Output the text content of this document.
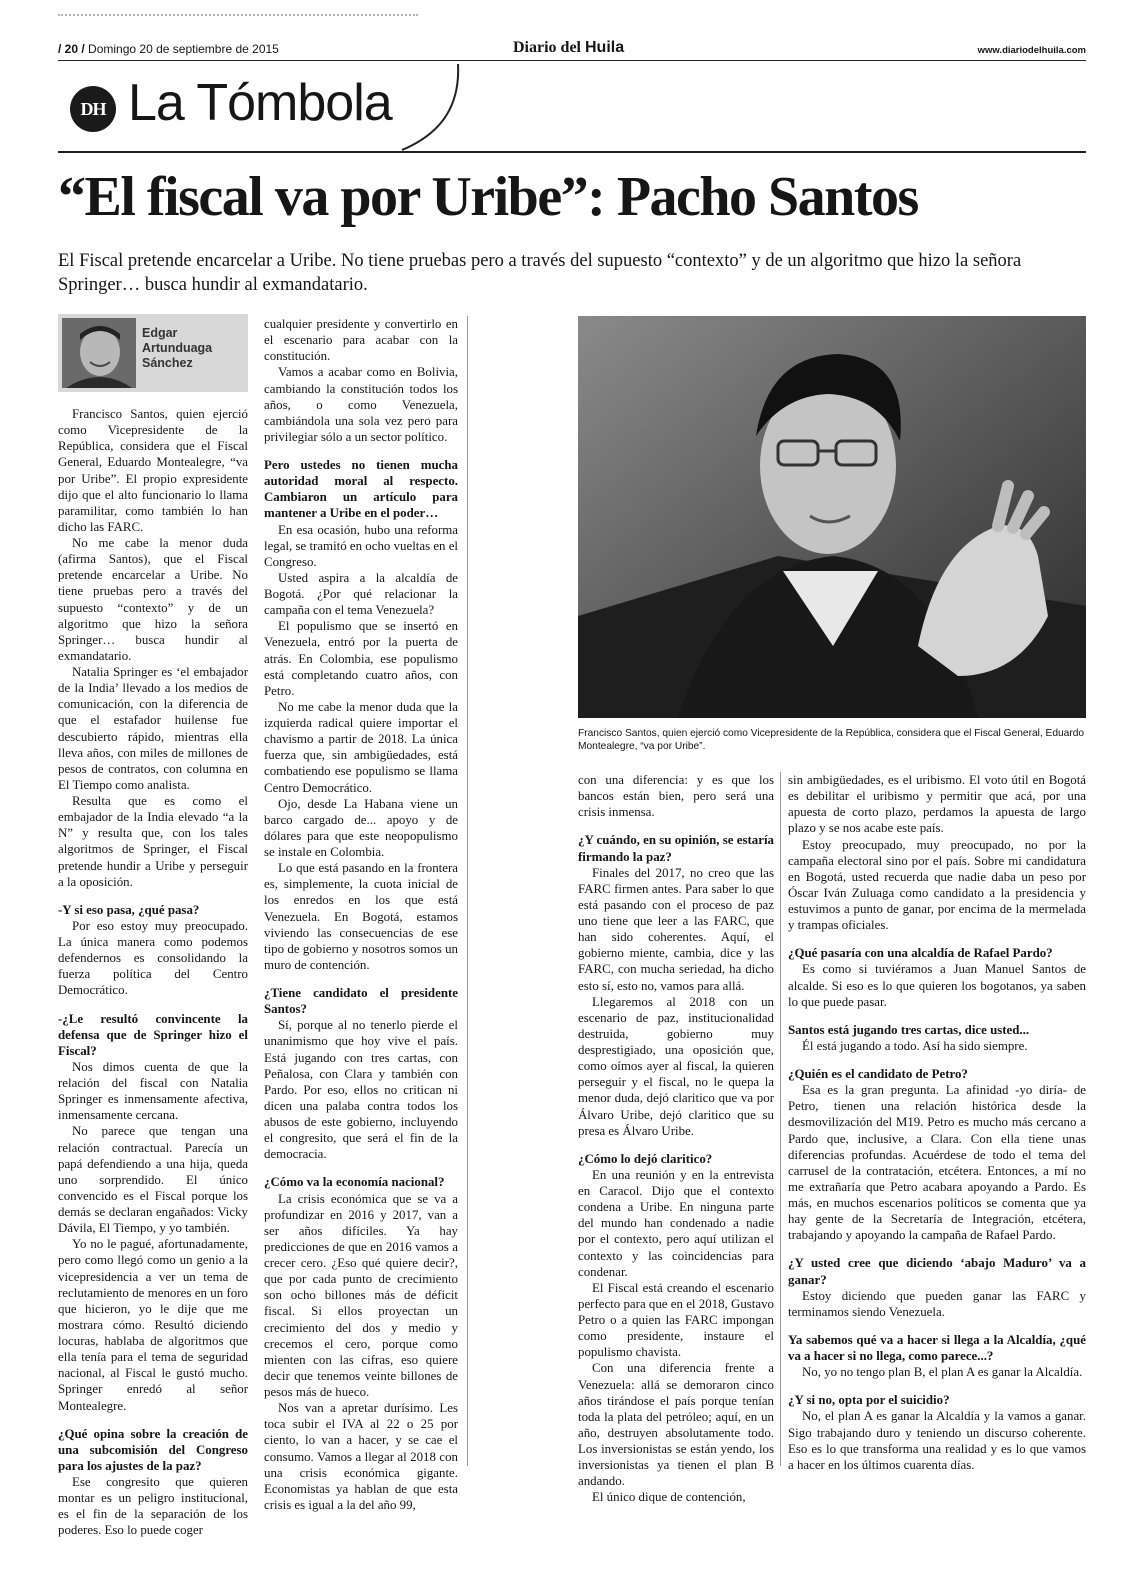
/ 20 / Domingo 20 de septiembre de 2015	Diario del Huila	www.diariodelhuila.com
DH La Tómbola
“El fiscal va por Uribe”: Pacho Santos

El Fiscal pretende encarcelar a Uribe. No tiene pruebas pero a través del supuesto “contexto” y de un algoritmo que hizo la señora Springer… busca hundir al exmandatario.

Edgar
Artunduaga
Sánchez

Francisco Santos, quien ejerció como Vicepresidente de la República, considera que el Fiscal General, Eduardo Montealegre, “va por Uribe”. El propio expresidente dijo que el alto funcionario lo llama paramilitar, como también lo han dicho las FARC.

No me cabe la menor duda (afirma Santos), que el Fiscal pretende encarcelar a Uribe. No tiene pruebas pero a través del supuesto “contexto” y de un algoritmo que hizo la señora Springer… busca hundir al exmandatario.

Natalia Springer es ‘el embajador de la India’ llevado a los medios de comunicación, con la diferencia de que el estafador huilense fue descubierto rápido, mientras ella lleva años, con miles de millones de pesos de contratos, con columna en El Tiempo como analista.

Resulta que es como el embajador de la India elevado “a la N” y resulta que, con los tales algoritmos de Springer, el Fiscal pretende hundir a Uribe y perseguir a la oposición.

-Y si eso pasa, ¿qué pasa?

Por eso estoy muy preocupado. La única manera como podemos defendernos es consolidando la fuerza política del Centro Democrático.

-¿Le resultó convincente la defensa que de Springer hizo el Fiscal?

Nos dimos cuenta de que la relación del fiscal con Natalia Springer es inmensamente afectiva, inmensamente cercana.

No parece que tengan una relación contractual. Parecía un papá defendiendo a una hija, queda uno sorprendido. El único convencido es el Fiscal porque los demás se declaran engañados: Vicky Dávila, El Tiempo, y yo también.

Yo no le pagué, afortunadamente, pero como llegó como un genio a la vicepresidencia a ver un tema de reclutamiento de menores en un foro que hicieron, yo le dije que me mostrara cómo. Resultó diciendo locuras, hablaba de algoritmos que ella tenía para el tema de seguridad nacional, al Fiscal le gustó mucho. Springer enredó al señor Montealegre.

¿Qué opina sobre la creación de una subcomisión del Congreso para los ajustes de la paz?

Ese congresito que quieren montar es un peligro institucional, es el fin de la separación de los poderes. Eso lo puede coger

cualquier presidente y convertirlo en el escenario para acabar con la constitución.

Vamos a acabar como en Bolivia, cambiando la constitución todos los años, o como Venezuela, cambiándola una sola vez pero para privilegiar sólo a un sector político.

Pero ustedes no tienen mucha autoridad moral al respecto. Cambiaron un artículo para mantener a Uribe en el poder…

En esa ocasión, hubo una reforma legal, se tramitó en ocho vueltas en el Congreso.

Usted aspira a la alcaldía de Bogotá. ¿Por qué relacionar la campaña con el tema Venezuela?

El populismo que se insertó en Venezuela, entró por la puerta de atrás. En Colombia, ese populismo está completando cuatro años, con Petro.

No me cabe la menor duda que la izquierda radical quiere importar el chavismo a partir de 2018. La única fuerza que, sin ambigüedades, está combatiendo ese populismo se llama Centro Democrático.

Ojo, desde La Habana viene un barco cargado de... apoyo y de dólares para que este neopopulismo se instale en Colombia.

Lo que está pasando en la frontera es, simplemente, la cuota inicial de los enredos en los que está Venezuela. En Bogotá, estamos viviendo las consecuencias de ese tipo de gobierno y nosotros somos un muro de contención.

¿Tiene candidato el presidente Santos?

Sí, porque al no tenerlo pierde el unanimismo que hoy vive el país. Está jugando con tres cartas, con Peñalosa, con Clara y también con Pardo. Por eso, ellos no critican ni dicen una palaba contra todos los abusos de este gobierno, incluyendo el congresito, que será el fin de la democracia.

¿Cómo va la economía nacional?

La crisis económica que se va a profundizar en 2016 y 2017, van a ser años difíciles. Ya hay predicciones de que en 2016 vamos a crecer cero. ¿Eso qué quiere decir?, que por cada punto de crecimiento son ocho billones más de déficit fiscal. Si ellos proyectan un crecimiento del dos y medio y crecemos el cero, porque como mienten con las cifras, eso quiere decir que tenemos veinte billones de pesos más de hueco.

Nos van a apretar durísimo. Les toca subir el IVA al 22 o 25 por ciento, lo van a hacer, y se cae el consumo. Vamos a llegar al 2018 con una crisis económica gigante. Economistas ya hablan de que esta crisis es igual a la del año 99,

Francisco Santos, quien ejerció como Vicepresidente de la República, considera que el Fiscal General, Eduardo Montealegre, “va por Uribe”.

con una diferencia: y es que los bancos están bien, pero será una crisis inmensa.

¿Y cuándo, en su opinión, se estaría firmando la paz?

Finales del 2017, no creo que las FARC firmen antes. Para saber lo que está pasando con el proceso de paz uno tiene que leer a las FARC, que han sido coherentes. Aquí, el gobierno miente, cambia, dice y las FARC, con mucha seriedad, ha dicho esto sí, esto no, vamos para allá.

Llegaremos al 2018 con un escenario de paz, institucionalidad destruida, gobierno muy desprestigiado, una oposición que, como oímos ayer al fiscal, la quieren perseguir y el fiscal, no le quepa la menor duda, dejó claritico que va por Álvaro Uribe, dejó claritico que su presa es Álvaro Uribe.

¿Cómo lo dejó claritico?

En una reunión y en la entrevista en Caracol. Dijo que el contexto condena a Uribe. En ninguna parte del mundo han condenado a nadie por el contexto, pero aquí utilizan el contexto y las coincidencias para condenar.

El Fiscal está creando el escenario perfecto para que en el 2018, Gustavo Petro o a quien las FARC impongan como presidente, instaure el populismo chavista.

Con una diferencia frente a Venezuela: allá se demoraron cinco años tirándose el país porque tenían toda la plata del petróleo; aquí, en un año, destruyen absolutamente todo. Los inversionistas se están yendo, los inversionistas ya tienen el plan B andando.

El único dique de contención,

sin ambigüedades, es el uribismo. El voto útil en Bogotá es debilitar el uribismo y permitir que acá, por una apuesta de corto plazo, perdamos la apuesta de largo plazo y se nos acabe este país.

Estoy preocupado, muy preocupado, no por la campaña electoral sino por el país. Sobre mi candidatura en Bogotá, usted recuerda que nadie daba un peso por Óscar Iván Zuluaga como candidato a la presidencia y estuvimos a punto de ganar, por encima de la mermelada y trampas oficiales.

¿Qué pasaría con una alcaldía de Rafael Pardo?

Es como si tuviéramos a Juan Manuel Santos de alcalde. Si eso es lo que quieren los bogotanos, ya saben lo que puede pasar.

Santos está jugando tres cartas, dice usted...

Él está jugando a todo. Así ha sido siempre.

¿Quién es el candidato de Petro?

Esa es la gran pregunta. La afinidad -yo diría- de Petro, tienen una relación histórica desde la desmovilización del M19. Petro es mucho más cercano a Pardo que, inclusive, a Clara. Con ella tiene unas diferencias profundas. Acuérdese de todo el tema del carrusel de la contratación, etcétera. Entonces, a mí no me extrañaría que Petro acabara apoyando a Pardo. Es más, en muchos escenarios políticos se comenta que ya hay gente de la Secretaría de Integración, etcétera, trabajando y apoyando la campaña de Rafael Pardo.

¿Y usted cree que diciendo ‘abajo Maduro’ va a ganar?

Estoy diciendo que pueden ganar las FARC y terminamos siendo Venezuela.

Ya sabemos qué va a hacer si llega a la Alcaldía, ¿qué va a hacer si no llega, como parece...?

No, yo no tengo plan B, el plan A es ganar la Alcaldía.

¿Y si no, opta por el suicidio?

No, el plan A es ganar la Alcaldía y la vamos a ganar. Sigo trabajando duro y teniendo un discurso coherente. Eso es lo que transforma una realidad y es lo que vamos a hacer en los últimos cuarenta días.
